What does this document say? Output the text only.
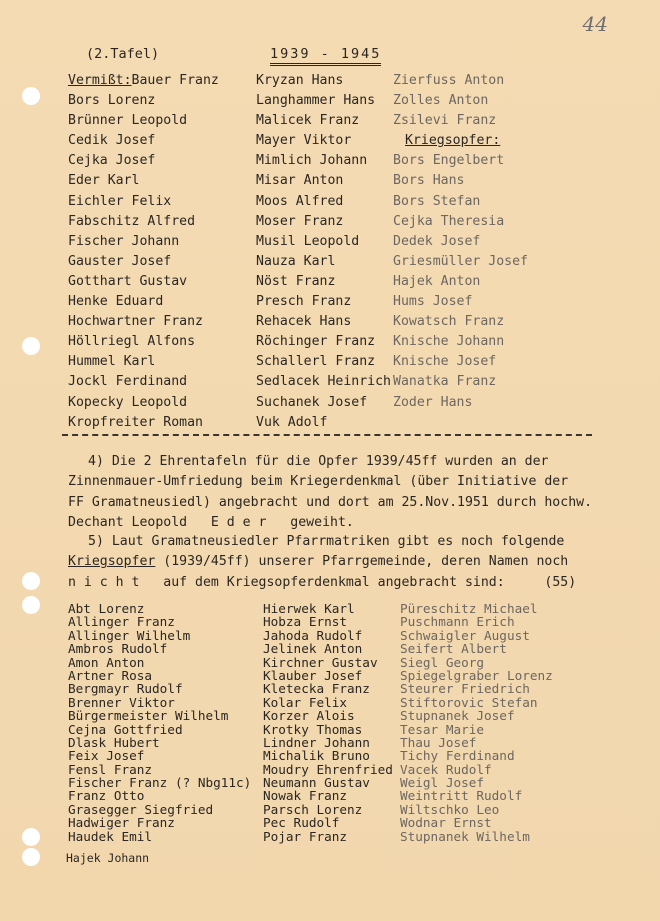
44
(2.Tafel)	1939 - 1945
Vermißt:Bauer Franz
Bors Lorenz
Brünner Leopold
Cedik Josef
Cejka Josef
Eder Karl
Eichler Felix
Fabschitz Alfred
Fischer Johann
Gauster Josef
Gotthart Gustav
Henke Eduard
Hochwartner Franz
Höllriegl Alfons
Hummel Karl
Jockl Ferdinand
Kopecky Leopold
Kropfreiter Roman
Kryzan Hans
Langhammer Hans
Malicek Franz
Mayer Viktor
Mimlich Johann
Misar Anton
Moos Alfred
Moser Franz
Musil Leopold
Nauza Karl
Nöst Franz
Presch Franz
Rehacek Hans
Röchinger Franz
Schallerl Franz
Sedlacek Heinrich
Suchanek Josef
Vuk Adolf
Zierfuss Anton
Zolles Anton
Zsilevi Franz
Kriegsopfer:
Bors Engelbert
Bors Hans
Bors Stefan
Cejka Theresia
Dedek Josef
Griesmüller Josef
Hajek Anton
Hums Josef
Kowatsch Franz
Knische Johann
Knische Josef
Wanatka Franz
Zoder Hans
4) Die 2 Ehrentafeln für die Opfer 1939/45ff wurden an der
Zinnenmauer-Umfriedung beim Kriegerdenkmal (über Initiative der
FF Gramatneusiedl) angebracht und dort am 25.Nov.1951 durch hochw.
Dechant Leopold   E d e r   geweiht.
5) Laut Gramatneusiedler Pfarrmatriken gibt es noch folgende
Kriegsopfer (1939/45ff) unserer Pfarrgemeinde, deren Namen noch
n i c h t   auf dem Kriegsopferdenkmal angebracht sind:	(55)
Abt Lorenz
Allinger Franz
Allinger Wilhelm
Ambros Rudolf
Amon Anton
Artner Rosa
Bergmayr Rudolf
Brenner Viktor
Bürgermeister Wilhelm
Cejna Gottfried
Dlask Hubert
Feix Josef
Fensl Franz
Fischer Franz (? Nbg11c)
Franz Otto
Grasegger Siegfried
Hadwiger Franz
Haudek Emil
Hierwek Karl
Hobza Ernst
Jahoda Rudolf
Jelinek Anton
Kirchner Gustav
Klauber Josef
Kletecka Franz
Kolar Felix
Korzer Alois
Krotky Thomas
Lindner Johann
Michalik Bruno
Moudry Ehrenfried
Neumann Gustav
Nowak Franz
Parsch Lorenz
Pec Rudolf
Pojar Franz
Püreschitz Michael
Puschmann Erich
Schwaigler August
Seifert Albert
Siegl Georg
Spiegelgraber Lorenz
Steurer Friedrich
Stiftorovic Stefan
Stupnanek Josef
Tesar Marie
Thau Josef
Tichy Ferdinand
Vacek Rudolf
Weigl Josef
Weintritt Rudolf
Wiltschko Leo
Wodnar Ernst
Stupnanek Wilhelm
Hajek Johann
